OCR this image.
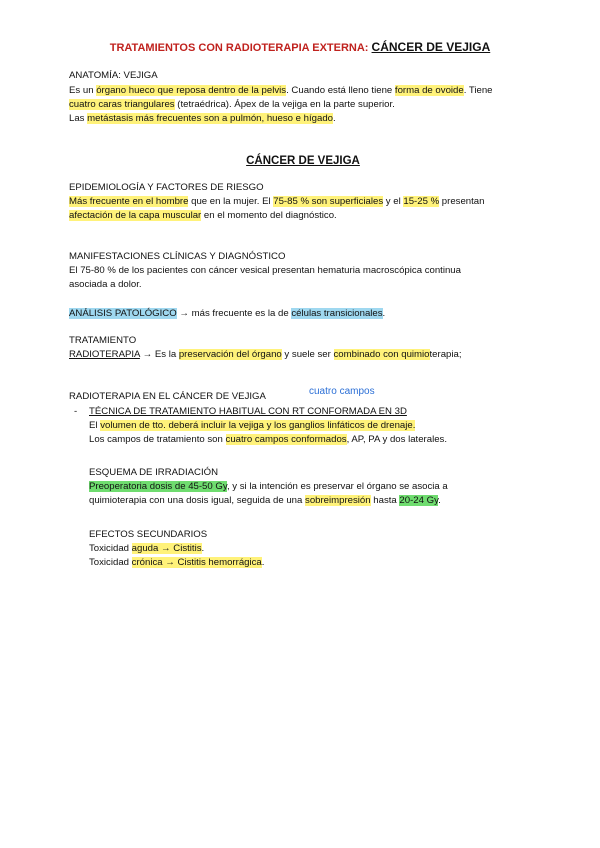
TRATAMIENTOS CON RADIOTERAPIA EXTERNA: CÁNCER DE VEJIGA
ANATOMÍA: VEJIGA
Es un órgano hueco que reposa dentro de la pelvis. Cuando está lleno tiene forma de ovoide. Tiene
cuatro caras triangulares (tetraédrica). Ápex de la vejiga en la parte superior.
Las metástasis más frecuentes son a pulmón, hueso e hígado.
CÁNCER DE VEJIGA
EPIDEMIOLOGÍA Y FACTORES DE RIESGO
Más frecuente en el hombre que en la mujer. El 75-85 % son superficiales y el 15-25 % presentan
afectación de la capa muscular en el momento del diagnóstico.
MANIFESTACIONES CLÍNICAS Y DIAGNÓSTICO
El 75-80 % de los pacientes con cáncer vesical presentan hematuria macroscópica continua
asociada a dolor.
ANÁLISIS PATOLÓGICO → más frecuente es la de células transicionales.
TRATAMIENTO
RADIOTERAPIA → Es la preservación del órgano y suele ser combinado con quimioterapia;
RADIOTERAPIA EN EL CÁNCER DE VEJIGA	cuatro campos
- TÉCNICA DE TRATAMIENTO HABITUAL CON RT CONFORMADA EN 3D
El volumen de tto. deberá incluir la vejiga y los ganglios linfáticos de drenaje.
Los campos de tratamiento son cuatro campos conformados, AP, PA y dos laterales.
ESQUEMA DE IRRADIACIÓN
Preoperatoria dosis de 45-50 Gy, y si la intención es preservar el órgano se asocia a
quimioterapia con una dosis igual, seguida de una sobreimpresión hasta 20-24 Gy.
EFECTOS SECUNDARIOS
Toxicidad aguda → Cistitis.
Toxicidad crónica → Cistitis hemorrágica.
